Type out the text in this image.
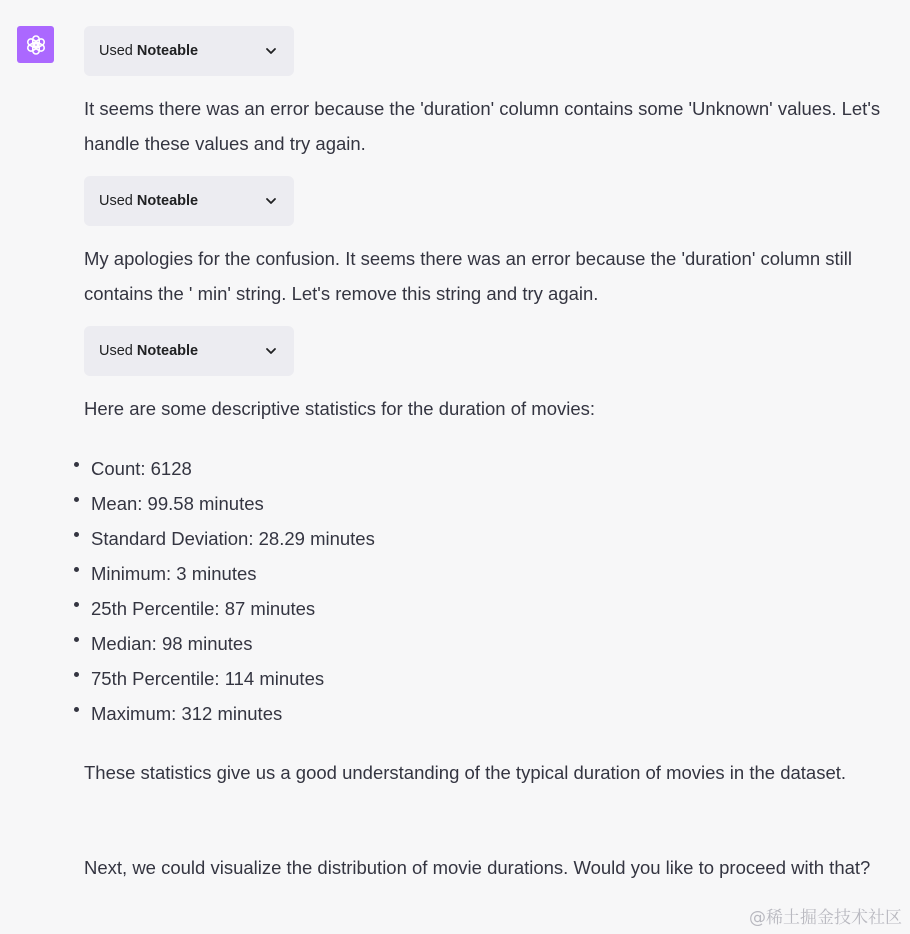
Used Noteable

It seems there was an error because the 'duration' column contains some 'Unknown' values. Let's handle these values and try again.

Used Noteable

My apologies for the confusion. It seems there was an error because the 'duration' column still contains the ' min' string. Let's remove this string and try again.

Used Noteable

Here are some descriptive statistics for the duration of movies:

Count: 6128
Mean: 99.58 minutes
Standard Deviation: 28.29 minutes
Minimum: 3 minutes
25th Percentile: 87 minutes
Median: 98 minutes
75th Percentile: 114 minutes
Maximum: 312 minutes

These statistics give us a good understanding of the typical duration of movies in the dataset.

Next, we could visualize the distribution of movie durations. Would you like to proceed with that?

@稀土掘金技术社区
